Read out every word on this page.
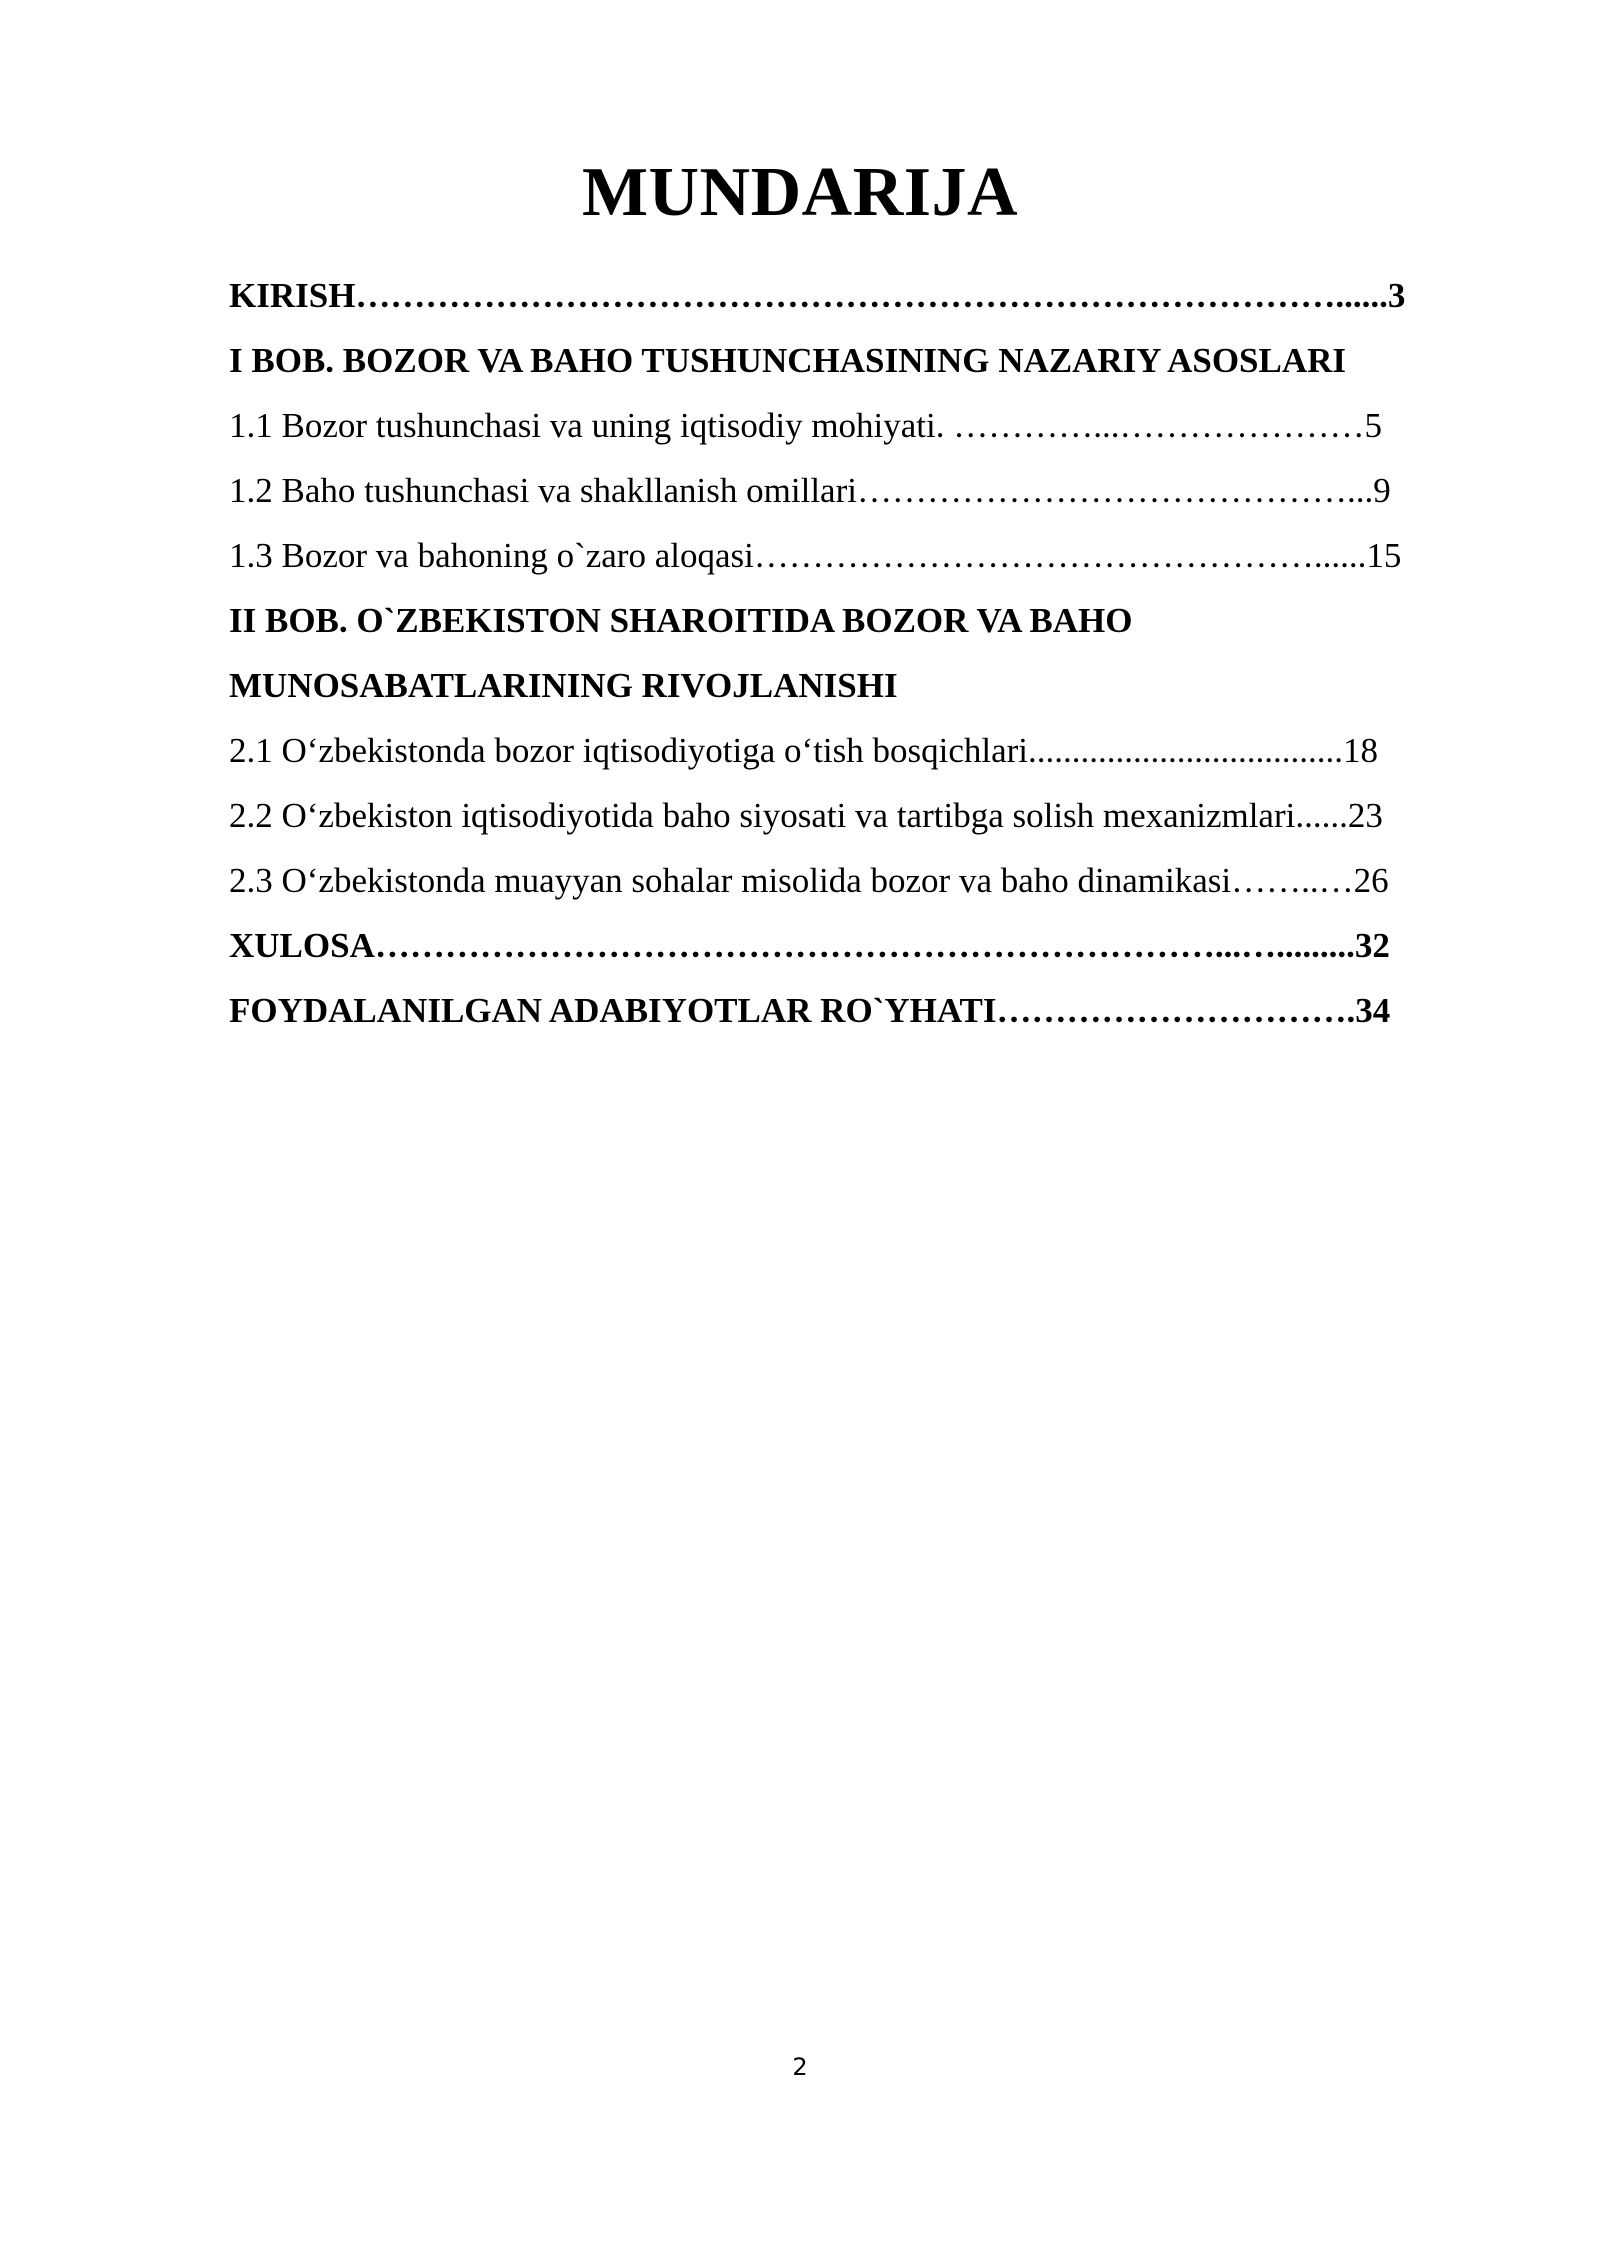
MUNDARIJA
KIRISH…………………………………………………………………………......3
I BOB. BOZOR VA BAHO TUSHUNCHASINING NAZARIY ASOSLARI
1.1 Bozor tushunchasi va uning iqtisodiy mohiyati. …………...…………………5
1.2 Baho tushunchasi va shakllanish omillari……………………………………...9
1.3 Bozor va bahoning o`zaro aloqasi…………………………………………......15
II BOB. O`ZBEKISTON SHAROITIDA BOZOR VA BAHO
MUNOSABATLARINING RIVOJLANISHI
2.1 O‘zbekistonda bozor iqtisodiyotiga o‘tish bosqichlari....................................18
2.2 O‘zbekiston iqtisodiyotida baho siyosati va tartibga solish mexanizmlari......23
2.3 O‘zbekistonda muayyan sohalar misolida bozor va baho dinamikasi……..…26
XULOSA………………………………………………………………...….........32
FOYDALANILGAN ADABIYOTLAR RO`YHATI………………………….34
2
